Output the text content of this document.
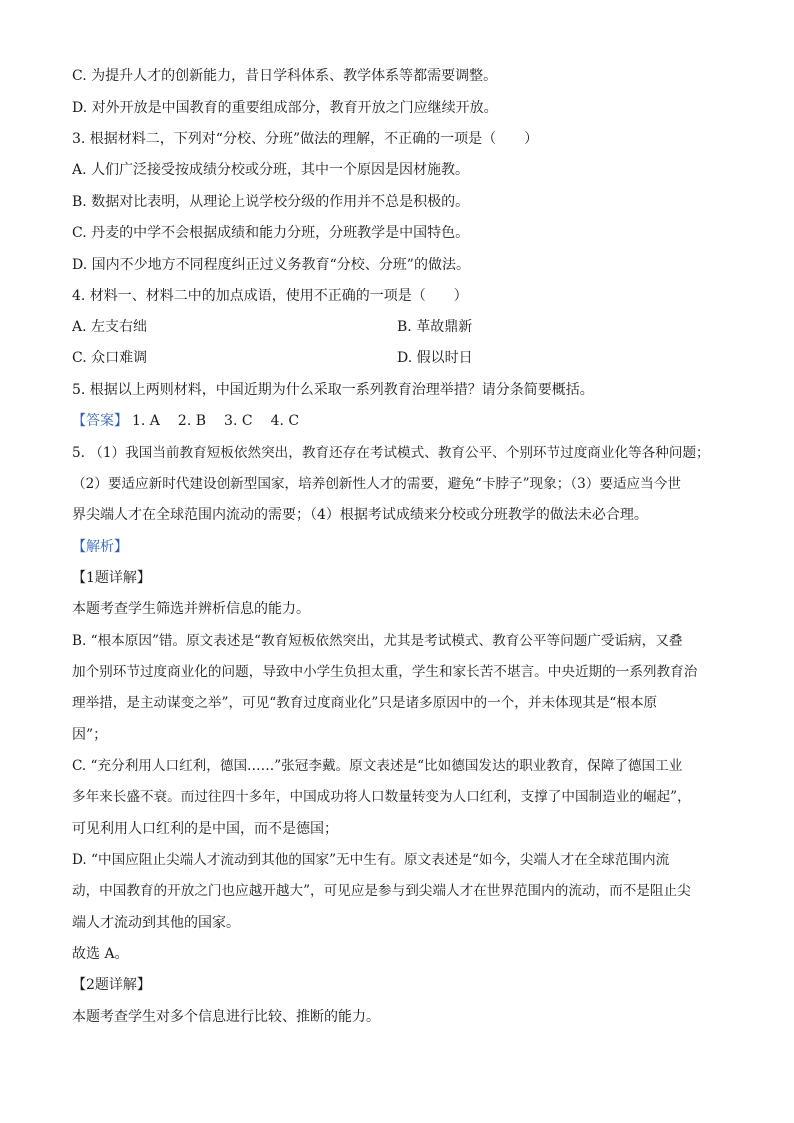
C. 为提升人才的创新能力，昔日学科体系、教学体系等都需要调整。
D. 对外开放是中国教育的重要组成部分，教育开放之门应继续开放。
3. 根据材料二，下列对“分校、分班”做法的理解，不正确的一项是（　　）
A. 人们广泛接受按成绩分校或分班，其中一个原因是因材施教。
B. 数据对比表明，从理论上说学校分级的作用并不总是积极的。
C. 丹麦的中学不会根据成绩和能力分班，分班教学是中国特色。
D. 国内不少地方不同程度纠正过义务教育“分校、分班”的做法。
4. 材料一、材料二中的加点成语，使用不正确的一项是（　　）
A. 左支右绌	B. 革故鼎新
C. 众口难调	D. 假以时日
5. 根据以上两则材料，中国近期为什么采取一系列教育治理举措？请分条简要概括。
【答案】 1. A 2. B 3. C 4. C
5. （1）我国当前教育短板依然突出，教育还存在考试模式、教育公平、个别环节过度商业化等各种问题；
（2）要适应新时代建设创新型国家，培养创新性人才的需要，避免“卡脖子”现象；（3）要适应当今世
界尖端人才在全球范围内流动的需要；（4）根据考试成绩来分校或分班教学的做法未必合理。
【解析】
【1题详解】
本题考查学生筛选并辨析信息的能力。
B. “根本原因”错。原文表述是“教育短板依然突出，尤其是考试模式、教育公平等问题广受诟病，又叠
加个别环节过度商业化的问题，导致中小学生负担太重，学生和家长苦不堪言。中央近期的一系列教育治
理举措，是主动谋变之举”，可见“教育过度商业化”只是诸多原因中的一个，并未体现其是“根本原
因”；
C. “充分利用人口红利，德国……”张冠李戴。原文表述是“比如德国发达的职业教育，保障了德国工业
多年来长盛不衰。而过往四十多年，中国成功将人口数量转变为人口红利，支撑了中国制造业的崛起”，
可见利用人口红利的是中国，而不是德国；
D. “中国应阻止尖端人才流动到其他的国家”无中生有。原文表述是“如今，尖端人才在全球范围内流
动，中国教育的开放之门也应越开越大”，可见应是参与到尖端人才在世界范围内的流动，而不是阻止尖
端人才流动到其他的国家。
故选 A。
【2题详解】
本题考查学生对多个信息进行比较、推断的能力。
